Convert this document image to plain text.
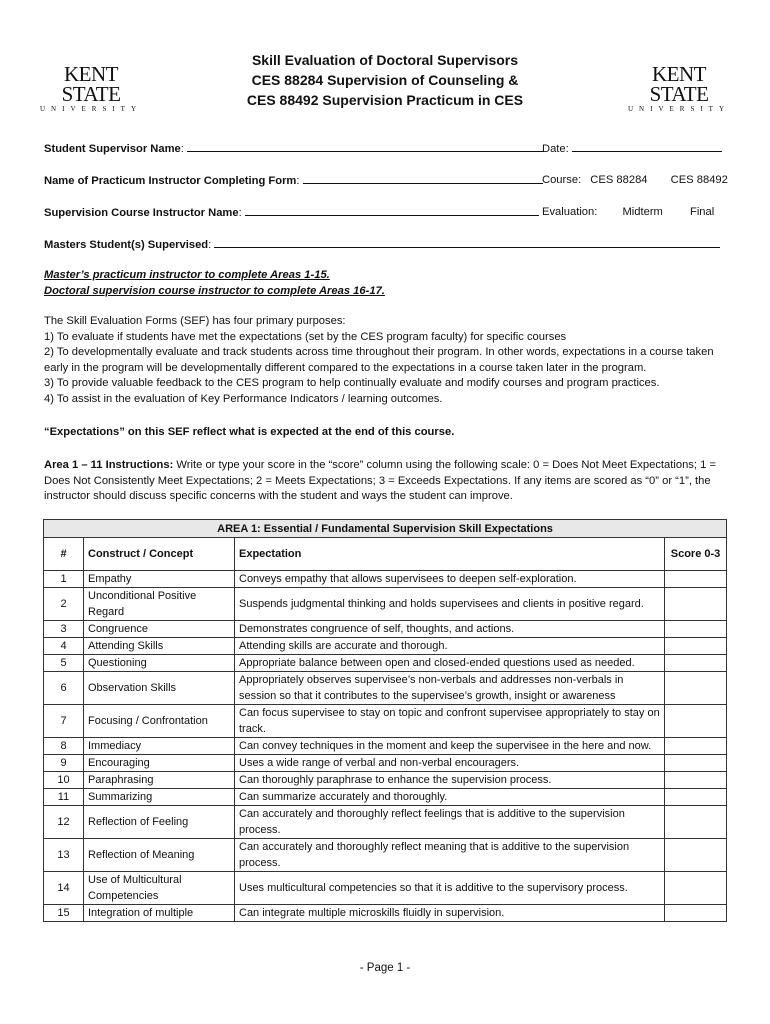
KENT STATE
UNIVERSITY
KENT STATE
UNIVERSITY
Skill Evaluation of Doctoral Supervisors
CES 88284 Supervision of Counseling &
CES 88492 Supervision Practicum in CES
Student Supervisor Name:	Date:
Name of Practicum Instructor Completing Form:	Course: CES 88284 CES 88492
Supervision Course Instructor Name:	Evaluation: Midterm Final
Masters Student(s) Supervised:
Master’s practicum instructor to complete Areas 1-15.
Doctoral supervision course instructor to complete Areas 16-17.
The Skill Evaluation Forms (SEF) has four primary purposes:
1) To evaluate if students have met the expectations (set by the CES program faculty) for specific courses
2) To developmentally evaluate and track students across time throughout their program. In other words, expectations in a course taken early in the program will be developmentally different compared to the expectations in a course taken later in the program.
3) To provide valuable feedback to the CES program to help continually evaluate and modify courses and program practices.
4) To assist in the evaluation of Key Performance Indicators / learning outcomes.
“Expectations” on this SEF reflect what is expected at the end of this course.
Area 1 – 11 Instructions: Write or type your score in the “score” column using the following scale: 0 = Does Not Meet Expectations; 1 = Does Not Consistently Meet Expectations; 2 = Meets Expectations; 3 = Exceeds Expectations. If any items are scored as “0” or “1”, the instructor should discuss specific concerns with the student and ways the student can improve.
AREA 1: Essential / Fundamental Supervision Skill Expectations			
#	Construct / Concept	Expectation	Score 0-3
1	Empathy	Conveys empathy that allows supervisees to deepen self-exploration.	
2	Unconditional Positive Regard	Suspends judgmental thinking and holds supervisees and clients in positive regard.	
3	Congruence	Demonstrates congruence of self, thoughts, and actions.	
4	Attending Skills	Attending skills are accurate and thorough.	
5	Questioning	Appropriate balance between open and closed-ended questions used as needed.	
6	Observation Skills	Appropriately observes supervisee’s non-verbals and addresses non-verbals in session so that it contributes to the supervisee’s growth, insight or awareness	
7	Focusing / Confrontation	Can focus supervisee to stay on topic and confront supervisee appropriately to stay on track.	
8	Immediacy	Can convey techniques in the moment and keep the supervisee in the here and now.	
9	Encouraging	Uses a wide range of verbal and non-verbal encouragers.	
10	Paraphrasing	Can thoroughly paraphrase to enhance the supervision process.	
11	Summarizing	Can summarize accurately and thoroughly.	
12	Reflection of Feeling	Can accurately and thoroughly reflect feelings that is additive to the supervision process.	
13	Reflection of Meaning	Can accurately and thoroughly reflect meaning that is additive to the supervision process.	
14	Use of Multicultural Competencies	Uses multicultural competencies so that it is additive to the supervisory process.	
15	Integration of multiple	Can integrate multiple microskills fluidly in supervision.	
- Page 1 -
